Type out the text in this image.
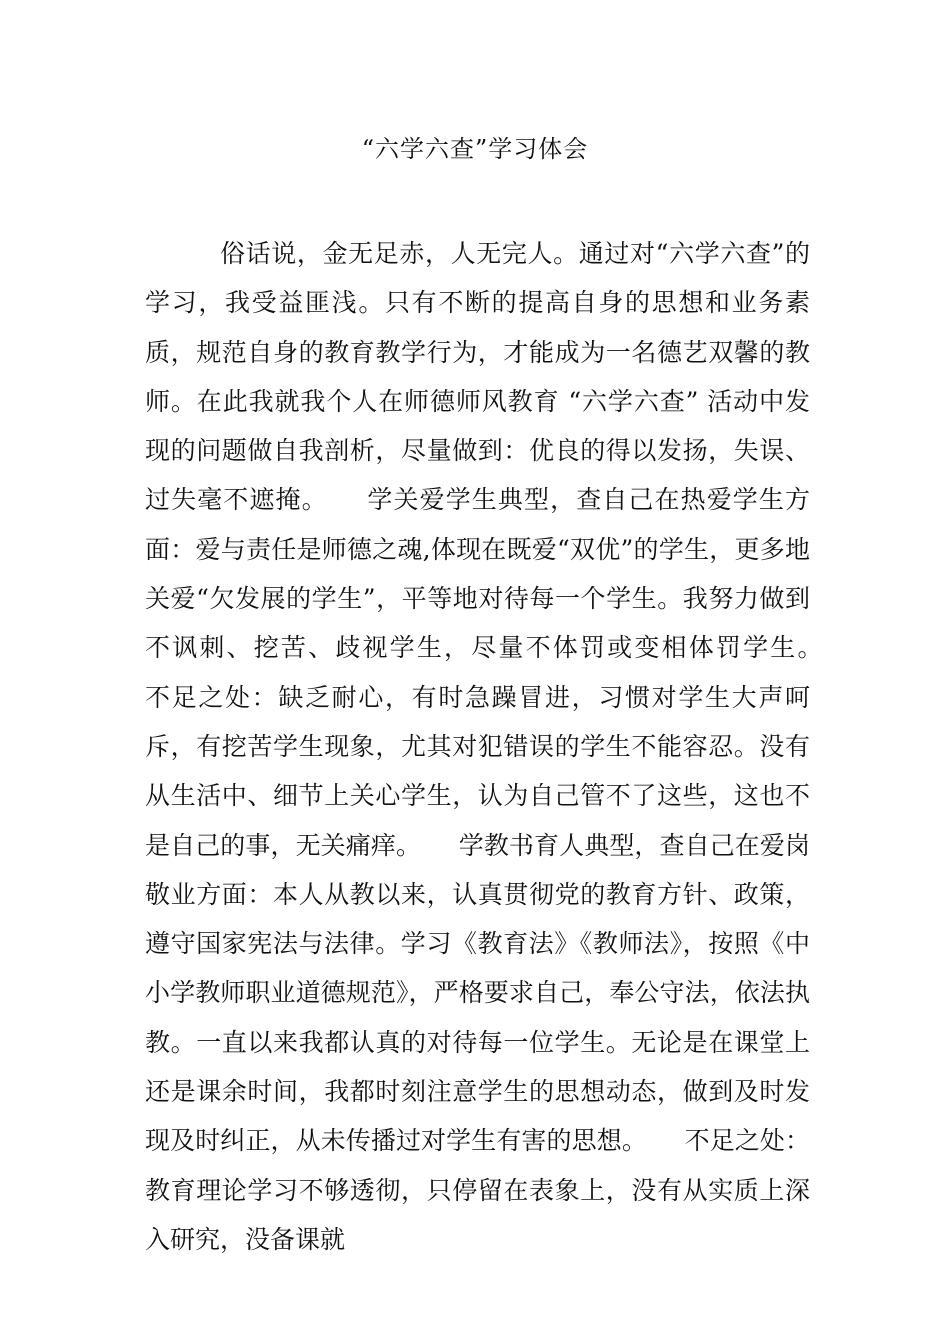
“六学六查”学习体会

俗话说，金无足赤，人无完人。通过对“六学六查”的学习，我受益匪浅。只有不断的提高自身的思想和业务素质，规范自身的教育教学行为，才能成为一名德艺双馨的教师。在此我就我个人在师德师风教育 “六学六查” 活动中发现的问题做自我剖析，尽量做到：优良的得以发扬，失误、过失毫不遮掩。　　学关爱学生典型，查自己在热爱学生方面：爱与责任是师德之魂,体现在既爱“双优”的学生，更多地关爱“欠发展的学生”，平等地对待每一个学生。我努力做到不讽刺、挖苦、歧视学生，尽量不体罚或变相体罚学生。　　不足之处：缺乏耐心，有时急躁冒进，习惯对学生大声呵斥，有挖苦学生现象，尤其对犯错误的学生不能容忍。没有从生活中、细节上关心学生，认为自己管不了这些，这也不是自己的事，无关痛痒。　　学教书育人典型，查自己在爱岗敬业方面：本人从教以来，认真贯彻党的教育方针、政策，遵守国家宪法与法律。学习《教育法》《教师法》，按照《中小学教师职业道德规范》，严格要求自己，奉公守法，依法执教。一直以来我都认真的对待每一位学生。无论是在课堂上还是课余时间，我都时刻注意学生的思想动态，做到及时发现及时纠正，从未传播过对学生有害的思想。　　不足之处：教育理论学习不够透彻，只停留在表象上，没有从实质上深入研究，没备课就
